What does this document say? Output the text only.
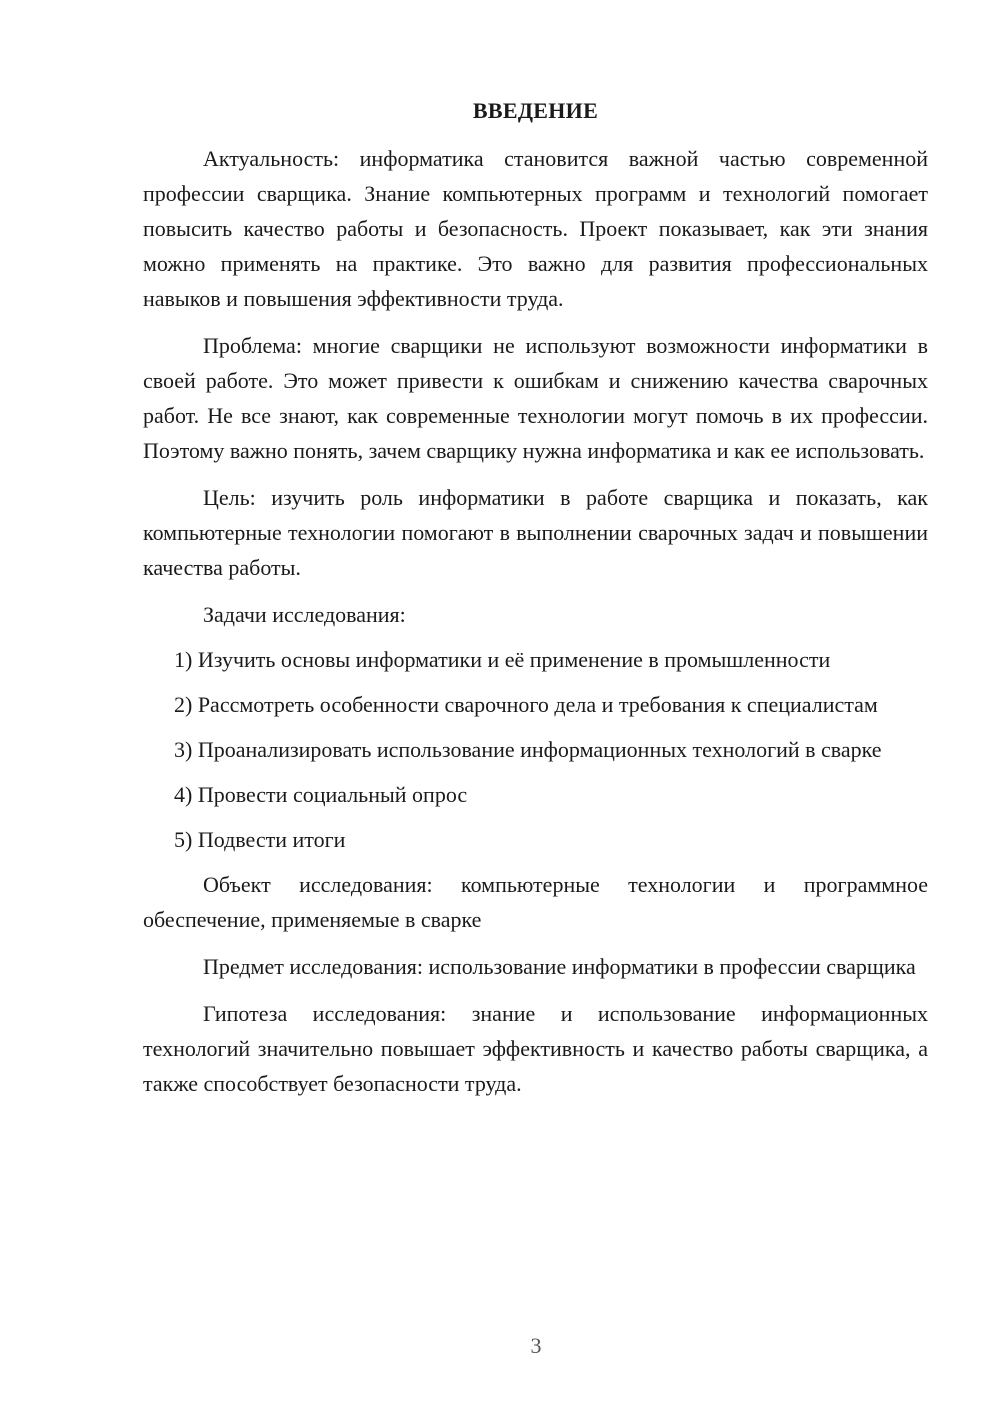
ВВЕДЕНИЕ

Актуальность: информатика становится важной частью современной профессии сварщика. Знание компьютерных программ и технологий помогает повысить качество работы и безопасность. Проект показывает, как эти знания можно применять на практике. Это важно для развития профессиональных навыков и повышения эффективности труда.

Проблема: многие сварщики не используют возможности информатики в своей работе. Это может привести к ошибкам и снижению качества сварочных работ. Не все знают, как современные технологии могут помочь в их профессии. Поэтому важно понять, зачем сварщику нужна информатика и как ее использовать.

Цель: изучить роль информатики в работе сварщика и показать, как компьютерные технологии помогают в выполнении сварочных задач и повышении качества работы.

Задачи исследования:

1) Изучить основы информатики и её применение в промышленности

2) Рассмотреть особенности сварочного дела и требования к специалистам

3) Проанализировать использование информационных технологий в сварке

4) Провести социальный опрос

5) Подвести итоги

Объект исследования: компьютерные технологии и программное обеспечение, применяемые в сварке

Предмет исследования: использование информатики в профессии сварщика

Гипотеза исследования: знание и использование информационных технологий значительно повышает эффективность и качество работы сварщика, а также способствует безопасности труда.

3
